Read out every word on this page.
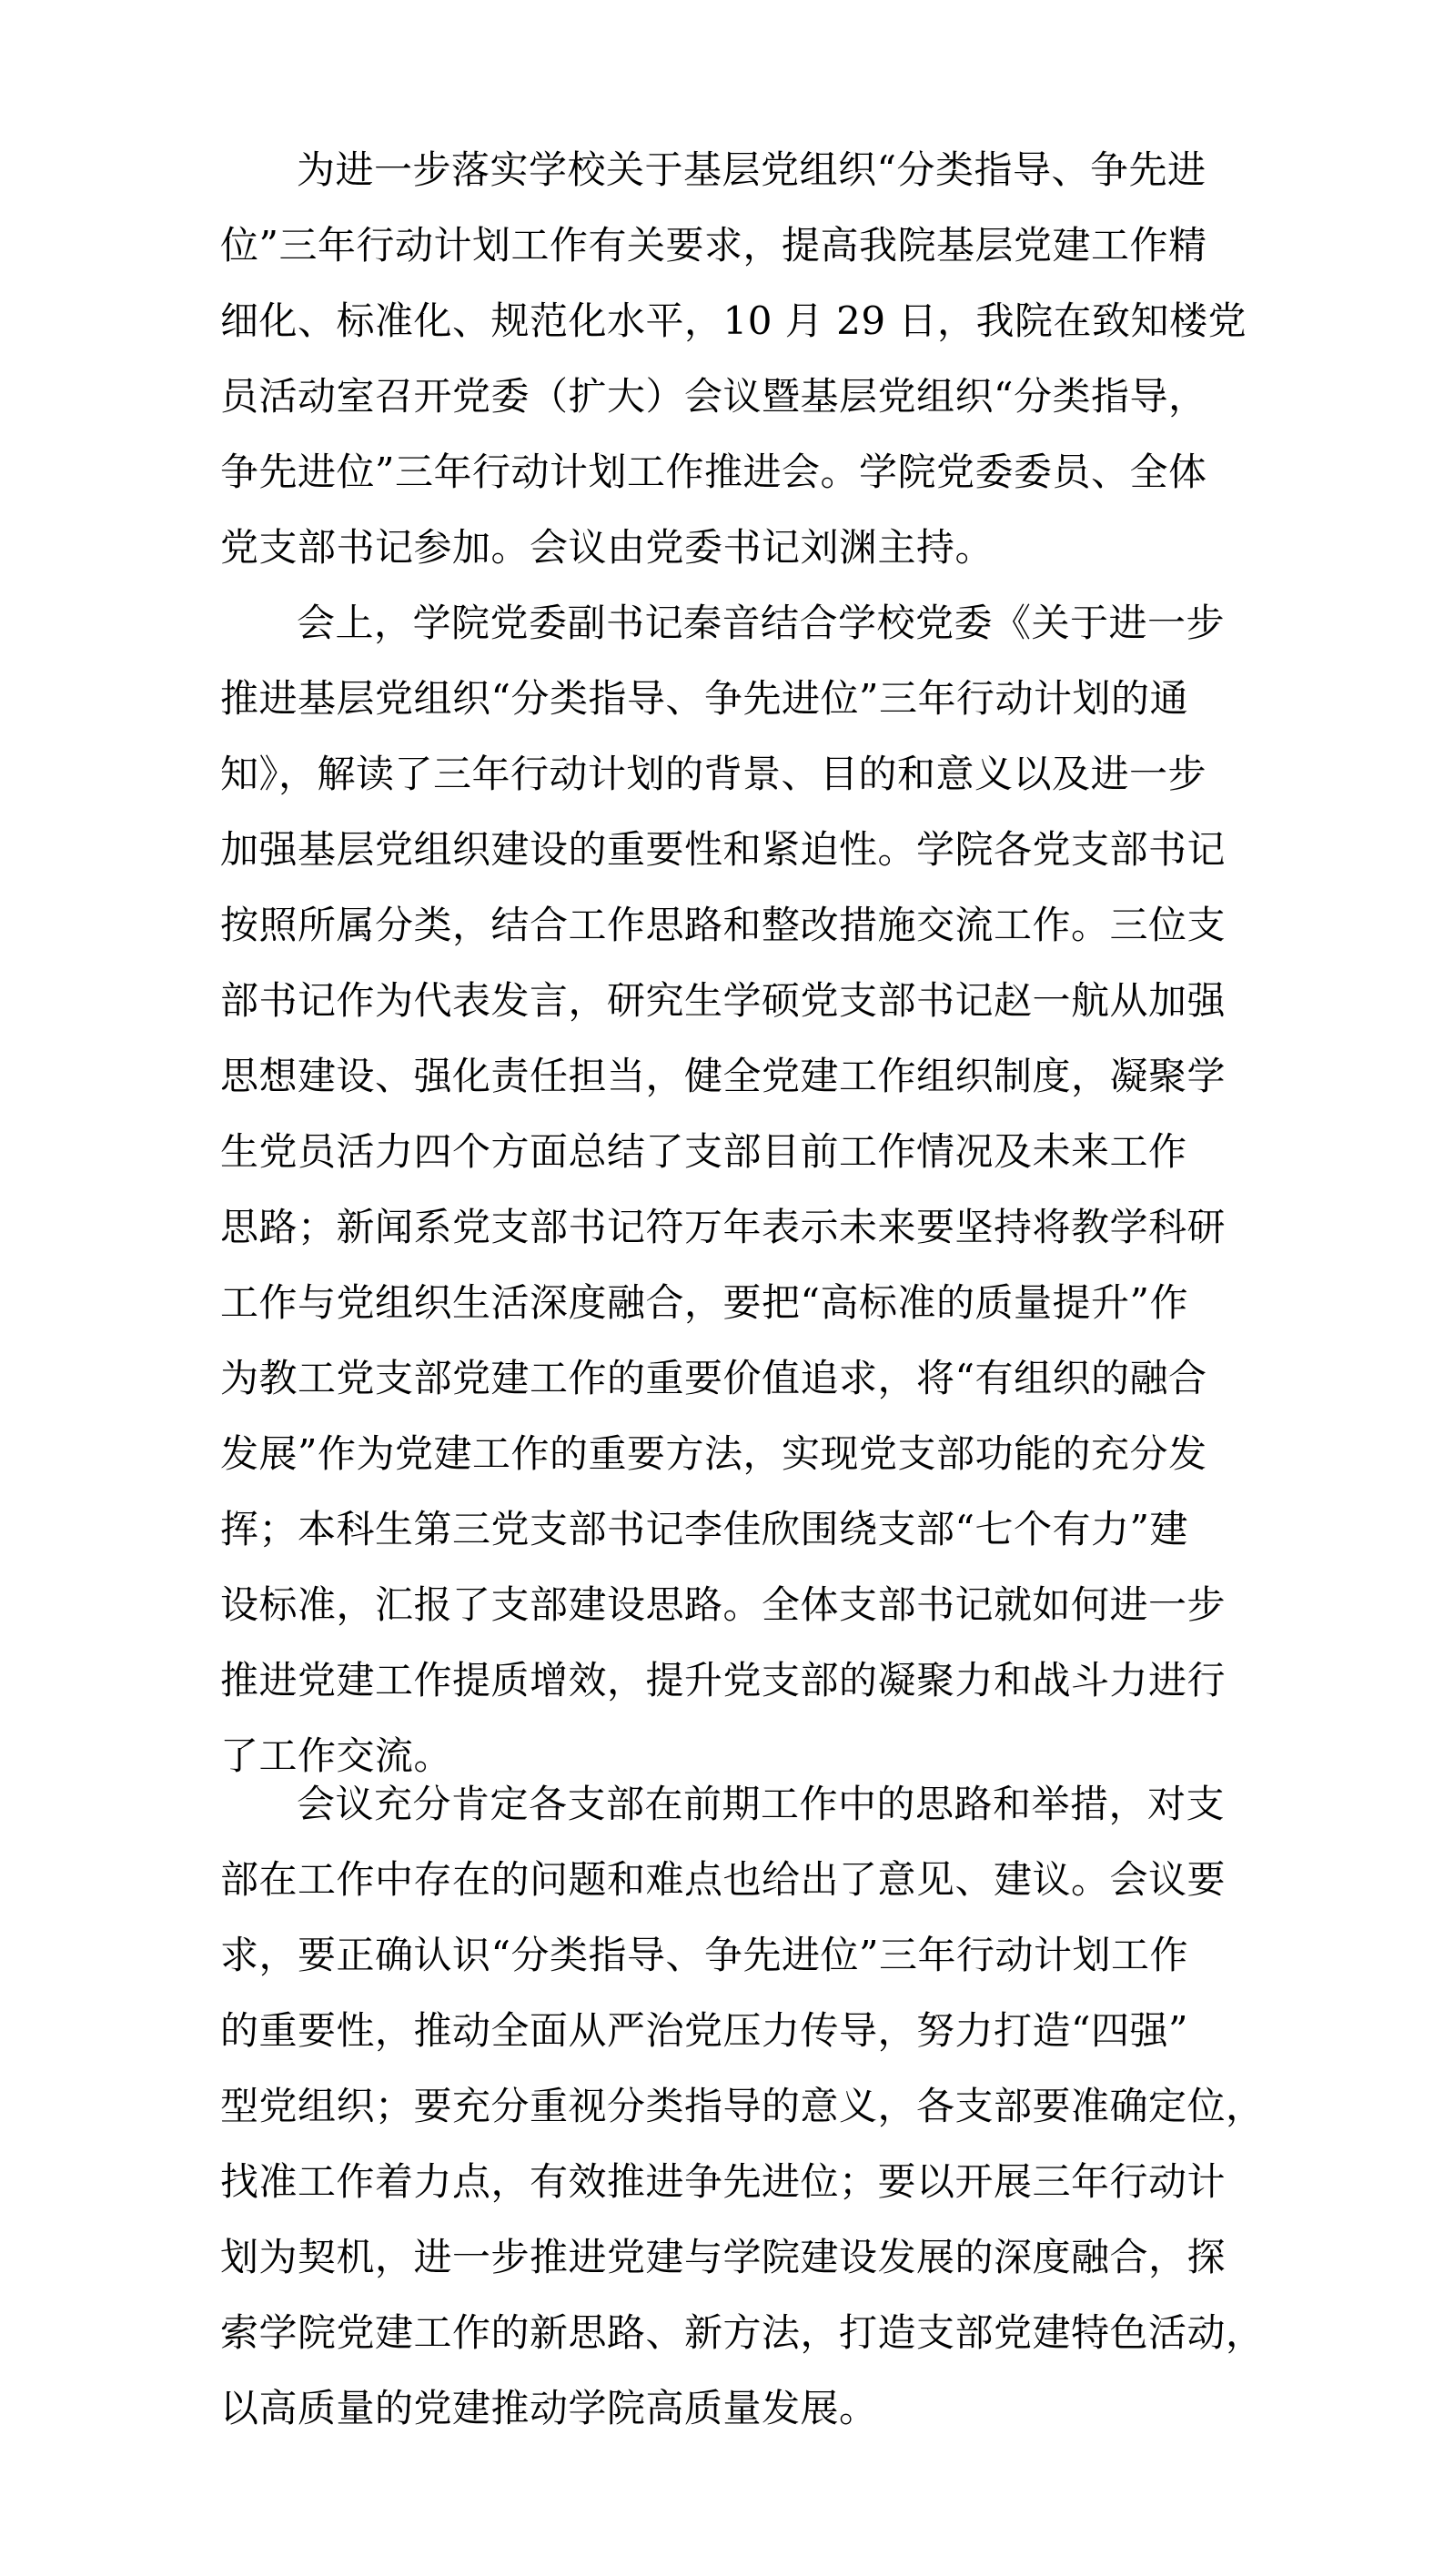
为进一步落实学校关于基层党组织“分类指导、争先进
位”三年行动计划工作有关要求，提高我院基层党建工作精
细化、标准化、规范化水平，10 月 29 日，我院在致知楼党
员活动室召开党委（扩大）会议暨基层党组织“分类指导，
争先进位”三年行动计划工作推进会。学院党委委员、全体
党支部书记参加。会议由党委书记刘渊主持。
会上，学院党委副书记秦音结合学校党委《关于进一步
推进基层党组织“分类指导、争先进位”三年行动计划的通
知》，解读了三年行动计划的背景、目的和意义以及进一步
加强基层党组织建设的重要性和紧迫性。学院各党支部书记
按照所属分类，结合工作思路和整改措施交流工作。三位支
部书记作为代表发言，研究生学硕党支部书记赵一航从加强
思想建设、强化责任担当，健全党建工作组织制度，凝聚学
生党员活力四个方面总结了支部目前工作情况及未来工作
思路；新闻系党支部书记符万年表示未来要坚持将教学科研
工作与党组织生活深度融合，要把“高标准的质量提升”作
为教工党支部党建工作的重要价值追求，将“有组织的融合
发展”作为党建工作的重要方法，实现党支部功能的充分发
挥；本科生第三党支部书记李佳欣围绕支部“七个有力”建
设标准，汇报了支部建设思路。全体支部书记就如何进一步
推进党建工作提质增效，提升党支部的凝聚力和战斗力进行
了工作交流。
会议充分肯定各支部在前期工作中的思路和举措，对支
部在工作中存在的问题和难点也给出了意见、建议。会议要
求，要正确认识“分类指导、争先进位”三年行动计划工作
的重要性，推动全面从严治党压力传导，努力打造“四强”
型党组织；要充分重视分类指导的意义，各支部要准确定位，
找准工作着力点，有效推进争先进位；要以开展三年行动计
划为契机，进一步推进党建与学院建设发展的深度融合，探
索学院党建工作的新思路、新方法，打造支部党建特色活动，
以高质量的党建推动学院高质量发展。
